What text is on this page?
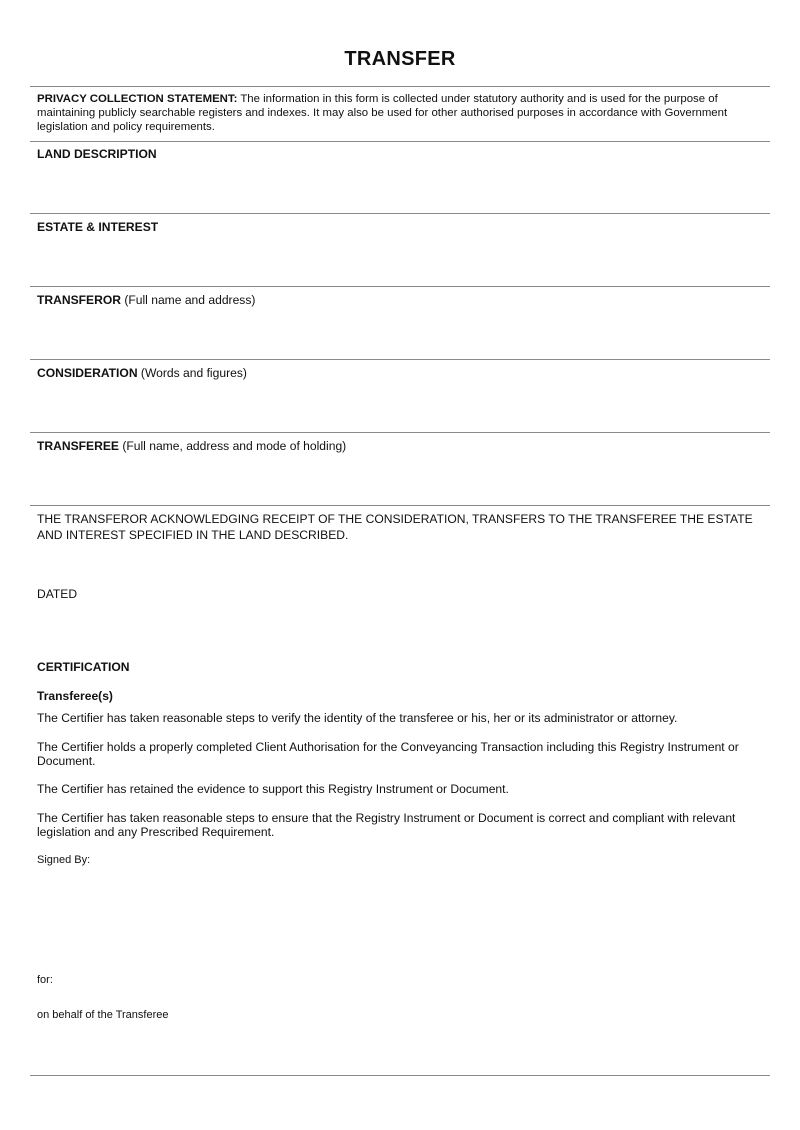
TRANSFER
PRIVACY COLLECTION STATEMENT: The information in this form is collected under statutory authority and is used for the purpose of maintaining publicly searchable registers and indexes. It may also be used for other authorised purposes in accordance with Government legislation and policy requirements.
LAND DESCRIPTION
ESTATE & INTEREST
TRANSFEROR (Full name and address)
CONSIDERATION (Words and figures)
TRANSFEREE (Full name, address and mode of holding)
THE TRANSFEROR ACKNOWLEDGING RECEIPT OF THE CONSIDERATION, TRANSFERS TO THE TRANSFEREE THE ESTATE AND INTEREST SPECIFIED IN THE LAND DESCRIBED.
DATED
CERTIFICATION
Transferee(s)
The Certifier has taken reasonable steps to verify the identity of the transferee or his, her or its administrator or attorney.
The Certifier holds a properly completed Client Authorisation for the Conveyancing Transaction including this Registry Instrument or Document.
The Certifier has retained the evidence to support this Registry Instrument or Document.
The Certifier has taken reasonable steps to ensure that the Registry Instrument or Document is correct and compliant with relevant legislation and any Prescribed Requirement.
Signed By:
for:
on behalf of the Transferee
